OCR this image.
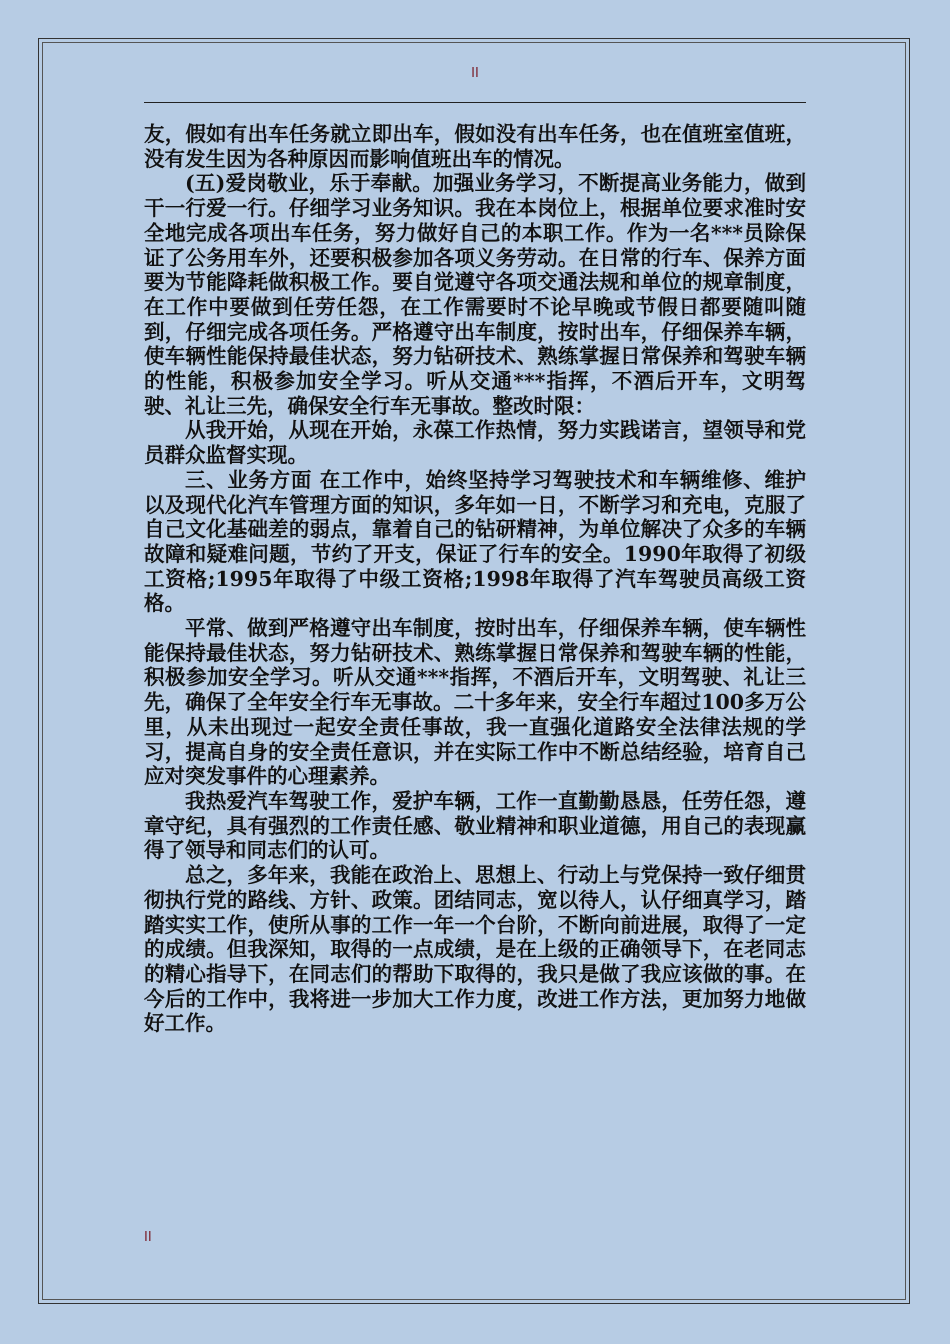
II

友，假如有出车任务就立即出车，假如没有出车任务，也在值班室值班，没有发生因为各种原因而影响值班出车的情况。

(五)爱岗敬业，乐于奉献。加强业务学习，不断提高业务能力，做到干一行爱一行。仔细学习业务知识。我在本岗位上，根据单位要求准时安全地完成各项出车任务，努力做好自己的本职工作。作为一名***员除保证了公务用车外，还要积极参加各项义务劳动。在日常的行车、保养方面要为节能降耗做积极工作。要自觉遵守各项交通法规和单位的规章制度，在工作中要做到任劳任怨，在工作需要时不论早晚或节假日都要随叫随到，仔细完成各项任务。严格遵守出车制度，按时出车，仔细保养车辆，使车辆性能保持最佳状态，努力钻研技术、熟练掌握日常保养和驾驶车辆的性能，积极参加安全学习。听从交通***指挥，不酒后开车，文明驾驶、礼让三先，确保安全行车无事故。整改时限：

从我开始，从现在开始，永葆工作热情，努力实践诺言，望领导和党员群众监督实现。

三、业务方面 在工作中，始终坚持学习驾驶技术和车辆维修、维护以及现代化汽车管理方面的知识，多年如一日，不断学习和充电，克服了自己文化基础差的弱点，靠着自己的钻研精神，为单位解决了众多的车辆故障和疑难问题，节约了开支，保证了行车的安全。1990年取得了初级工资格;1995年取得了中级工资格;1998年取得了汽车驾驶员高级工资格。

平常、做到严格遵守出车制度，按时出车，仔细保养车辆，使车辆性能保持最佳状态，努力钻研技术、熟练掌握日常保养和驾驶车辆的性能，积极参加安全学习。听从交通***指挥，不酒后开车，文明驾驶、礼让三先，确保了全年安全行车无事故。二十多年来，安全行车超过100多万公里，从未出现过一起安全责任事故，我一直强化道路安全法律法规的学习，提高自身的安全责任意识，并在实际工作中不断总结经验，培育自己应对突发事件的心理素养。

我热爱汽车驾驶工作，爱护车辆，工作一直勤勤恳恳，任劳任怨，遵章守纪，具有强烈的工作责任感、敬业精神和职业道德，用自己的表现赢得了领导和同志们的认可。

总之，多年来，我能在政治上、思想上、行动上与党保持一致仔细贯彻执行党的路线、方针、政策。团结同志，宽以待人，认仔细真学习，踏踏实实工作，使所从事的工作一年一个台阶，不断向前进展，取得了一定的成绩。但我深知，取得的一点成绩，是在上级的正确领导下，在老同志的精心指导下，在同志们的帮助下取得的，我只是做了我应该做的事。在今后的工作中，我将进一步加大工作力度，改进工作方法，更加努力地做好工作。

II
